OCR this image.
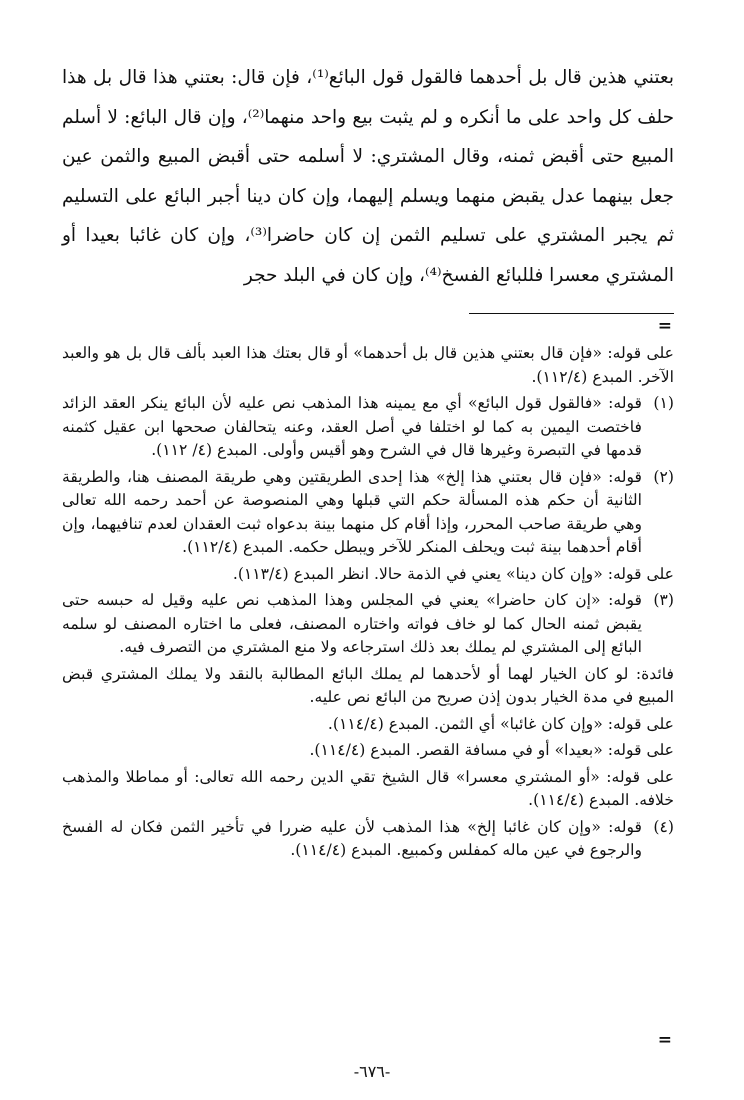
بعتني هذين قال بل أحدهما فالقول قول البائع⁽¹⁾، فإن قال: بعتني هذا قال بل هذا حلف كل واحد على ما أنكره و لم يثبت بيع واحد منهما⁽²⁾، وإن قال البائع: لا أسلم المبيع حتى أقبض ثمنه، وقال المشتري: لا أسلمه حتى أقبض المبيع والثمن عين جعل بينهما عدل يقبض منهما ويسلم إليهما، وإن كان دينا أجبر البائع على التسليم ثم يجبر المشتري على تسليم الثمن إن كان حاضرا⁽³⁾، وإن كان غائبا بعيدا أو المشتري معسرا فللبائع الفسخ⁽⁴⁾، وإن كان في البلد حجر

=

على قوله: «فإن قال بعتني هذين قال بل أحدهما» أو قال بعتك هذا العبد بألف قال بل هو والعبد الآخر. المبدع (١١٢/٤).

(١)
قوله: «فالقول قول البائع» أي مع يمينه هذا المذهب نص عليه لأن البائع ينكر العقد الزائد فاختصت اليمين به كما لو اختلفا في أصل العقد، وعنه يتحالفان صححها ابن عقيل كثمنه قدمها في التبصرة وغيرها قال في الشرح وهو أقيس وأولى. المبدع (٤/ ١١٢).

(٢)
قوله: «فإن قال بعتني هذا إلخ» هذا إحدى الطريقتين وهي طريقة المصنف هنا، والطريقة الثانية أن حكم هذه المسألة حكم التي قبلها وهي المنصوصة عن أحمد رحمه الله تعالى وهي طريقة صاحب المحرر، وإذا أقام كل منهما بينة بدعواه ثبت العقدان لعدم تنافيهما، وإن أقام أحدهما بينة ثبت ويحلف المنكر للآخر ويبطل حكمه. المبدع (١١٢/٤).

على قوله: «وإن كان دينا» يعني في الذمة حالا. انظر المبدع (١١٣/٤).

(٣)
قوله: «إن كان حاضرا» يعني في المجلس وهذا المذهب نص عليه وقيل له حبسه حتى يقبض ثمنه الحال كما لو خاف فواته واختاره المصنف، فعلى ما اختاره المصنف لو سلمه البائع إلى المشتري لم يملك بعد ذلك استرجاعه ولا منع المشتري من التصرف فيه.

فائدة: لو كان الخيار لهما أو لأحدهما لم يملك البائع المطالبة بالنقد ولا يملك المشتري قبض المبيع في مدة الخيار بدون إذن صريح من البائع نص عليه.

على قوله: «وإن كان غائبا» أي الثمن. المبدع (١١٤/٤).

على قوله: «بعيدا» أو في مسافة القصر. المبدع (١١٤/٤).

على قوله: «أو المشتري معسرا» قال الشيخ تقي الدين رحمه الله تعالى: أو مماطلا والمذهب خلافه. المبدع (١١٤/٤).

(٤)
قوله: «وإن كان غائبا إلخ» هذا المذهب لأن عليه ضررا في تأخير الثمن فكان له الفسخ والرجوع في عين ماله كمفلس وكمبيع. المبدع (١١٤/٤).

=
-٦٧٦-
